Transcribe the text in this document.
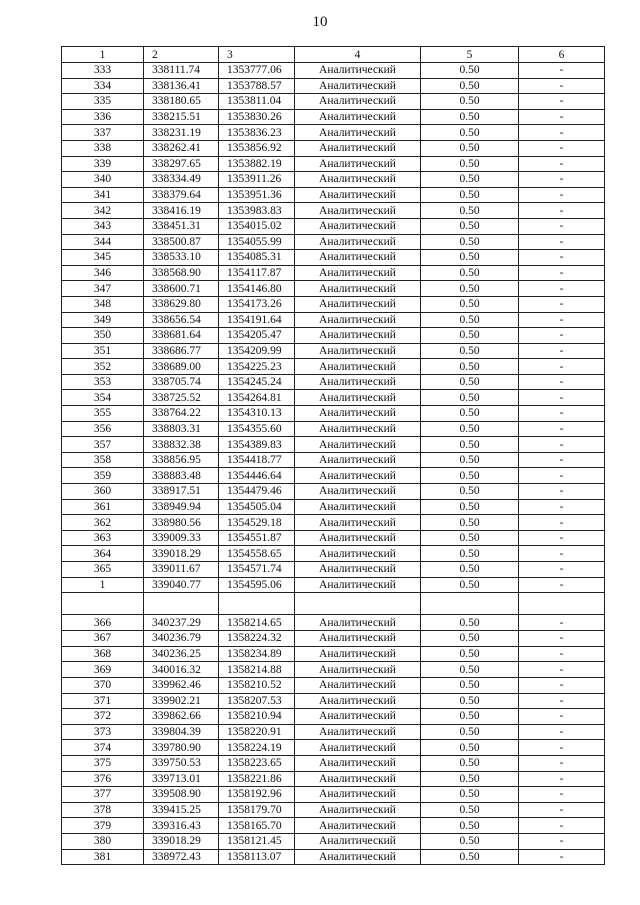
10
1	2	3	4	5	6
333	338111.74	1353777.06	Аналитический	0.50	-
334	338136.41	1353788.57	Аналитический	0.50	-
335	338180.65	1353811.04	Аналитический	0.50	-
336	338215.51	1353830.26	Аналитический	0.50	-
337	338231.19	1353836.23	Аналитический	0.50	-
338	338262.41	1353856.92	Аналитический	0.50	-
339	338297.65	1353882.19	Аналитический	0.50	-
340	338334.49	1353911.26	Аналитический	0.50	-
341	338379.64	1353951.36	Аналитический	0.50	-
342	338416.19	1353983.83	Аналитический	0.50	-
343	338451.31	1354015.02	Аналитический	0.50	-
344	338500.87	1354055.99	Аналитический	0.50	-
345	338533.10	1354085.31	Аналитический	0.50	-
346	338568.90	1354117.87	Аналитический	0.50	-
347	338600.71	1354146.80	Аналитический	0.50	-
348	338629.80	1354173.26	Аналитический	0.50	-
349	338656.54	1354191.64	Аналитический	0.50	-
350	338681.64	1354205.47	Аналитический	0.50	-
351	338686.77	1354209.99	Аналитический	0.50	-
352	338689.00	1354225.23	Аналитический	0.50	-
353	338705.74	1354245.24	Аналитический	0.50	-
354	338725.52	1354264.81	Аналитический	0.50	-
355	338764.22	1354310.13	Аналитический	0.50	-
356	338803.31	1354355.60	Аналитический	0.50	-
357	338832.38	1354389.83	Аналитический	0.50	-
358	338856.95	1354418.77	Аналитический	0.50	-
359	338883.48	1354446.64	Аналитический	0.50	-
360	338917.51	1354479.46	Аналитический	0.50	-
361	338949.94	1354505.04	Аналитический	0.50	-
362	338980.56	1354529.18	Аналитический	0.50	-
363	339009.33	1354551.87	Аналитический	0.50	-
364	339018.29	1354558.65	Аналитический	0.50	-
365	339011.67	1354571.74	Аналитический	0.50	-
1	339040.77	1354595.06	Аналитический	0.50	-

366	340237.29	1358214.65	Аналитический	0.50	-
367	340236.79	1358224.32	Аналитический	0.50	-
368	340236.25	1358234.89	Аналитический	0.50	-
369	340016.32	1358214.88	Аналитический	0.50	-
370	339962.46	1358210.52	Аналитический	0.50	-
371	339902.21	1358207.53	Аналитический	0.50	-
372	339862.66	1358210.94	Аналитический	0.50	-
373	339804.39	1358220.91	Аналитический	0.50	-
374	339780.90	1358224.19	Аналитический	0.50	-
375	339750.53	1358223.65	Аналитический	0.50	-
376	339713.01	1358221.86	Аналитический	0.50	-
377	339508.90	1358192.96	Аналитический	0.50	-
378	339415.25	1358179.70	Аналитический	0.50	-
379	339316.43	1358165.70	Аналитический	0.50	-
380	339018.29	1358121.45	Аналитический	0.50	-
381	338972.43	1358113.07	Аналитический	0.50	-
